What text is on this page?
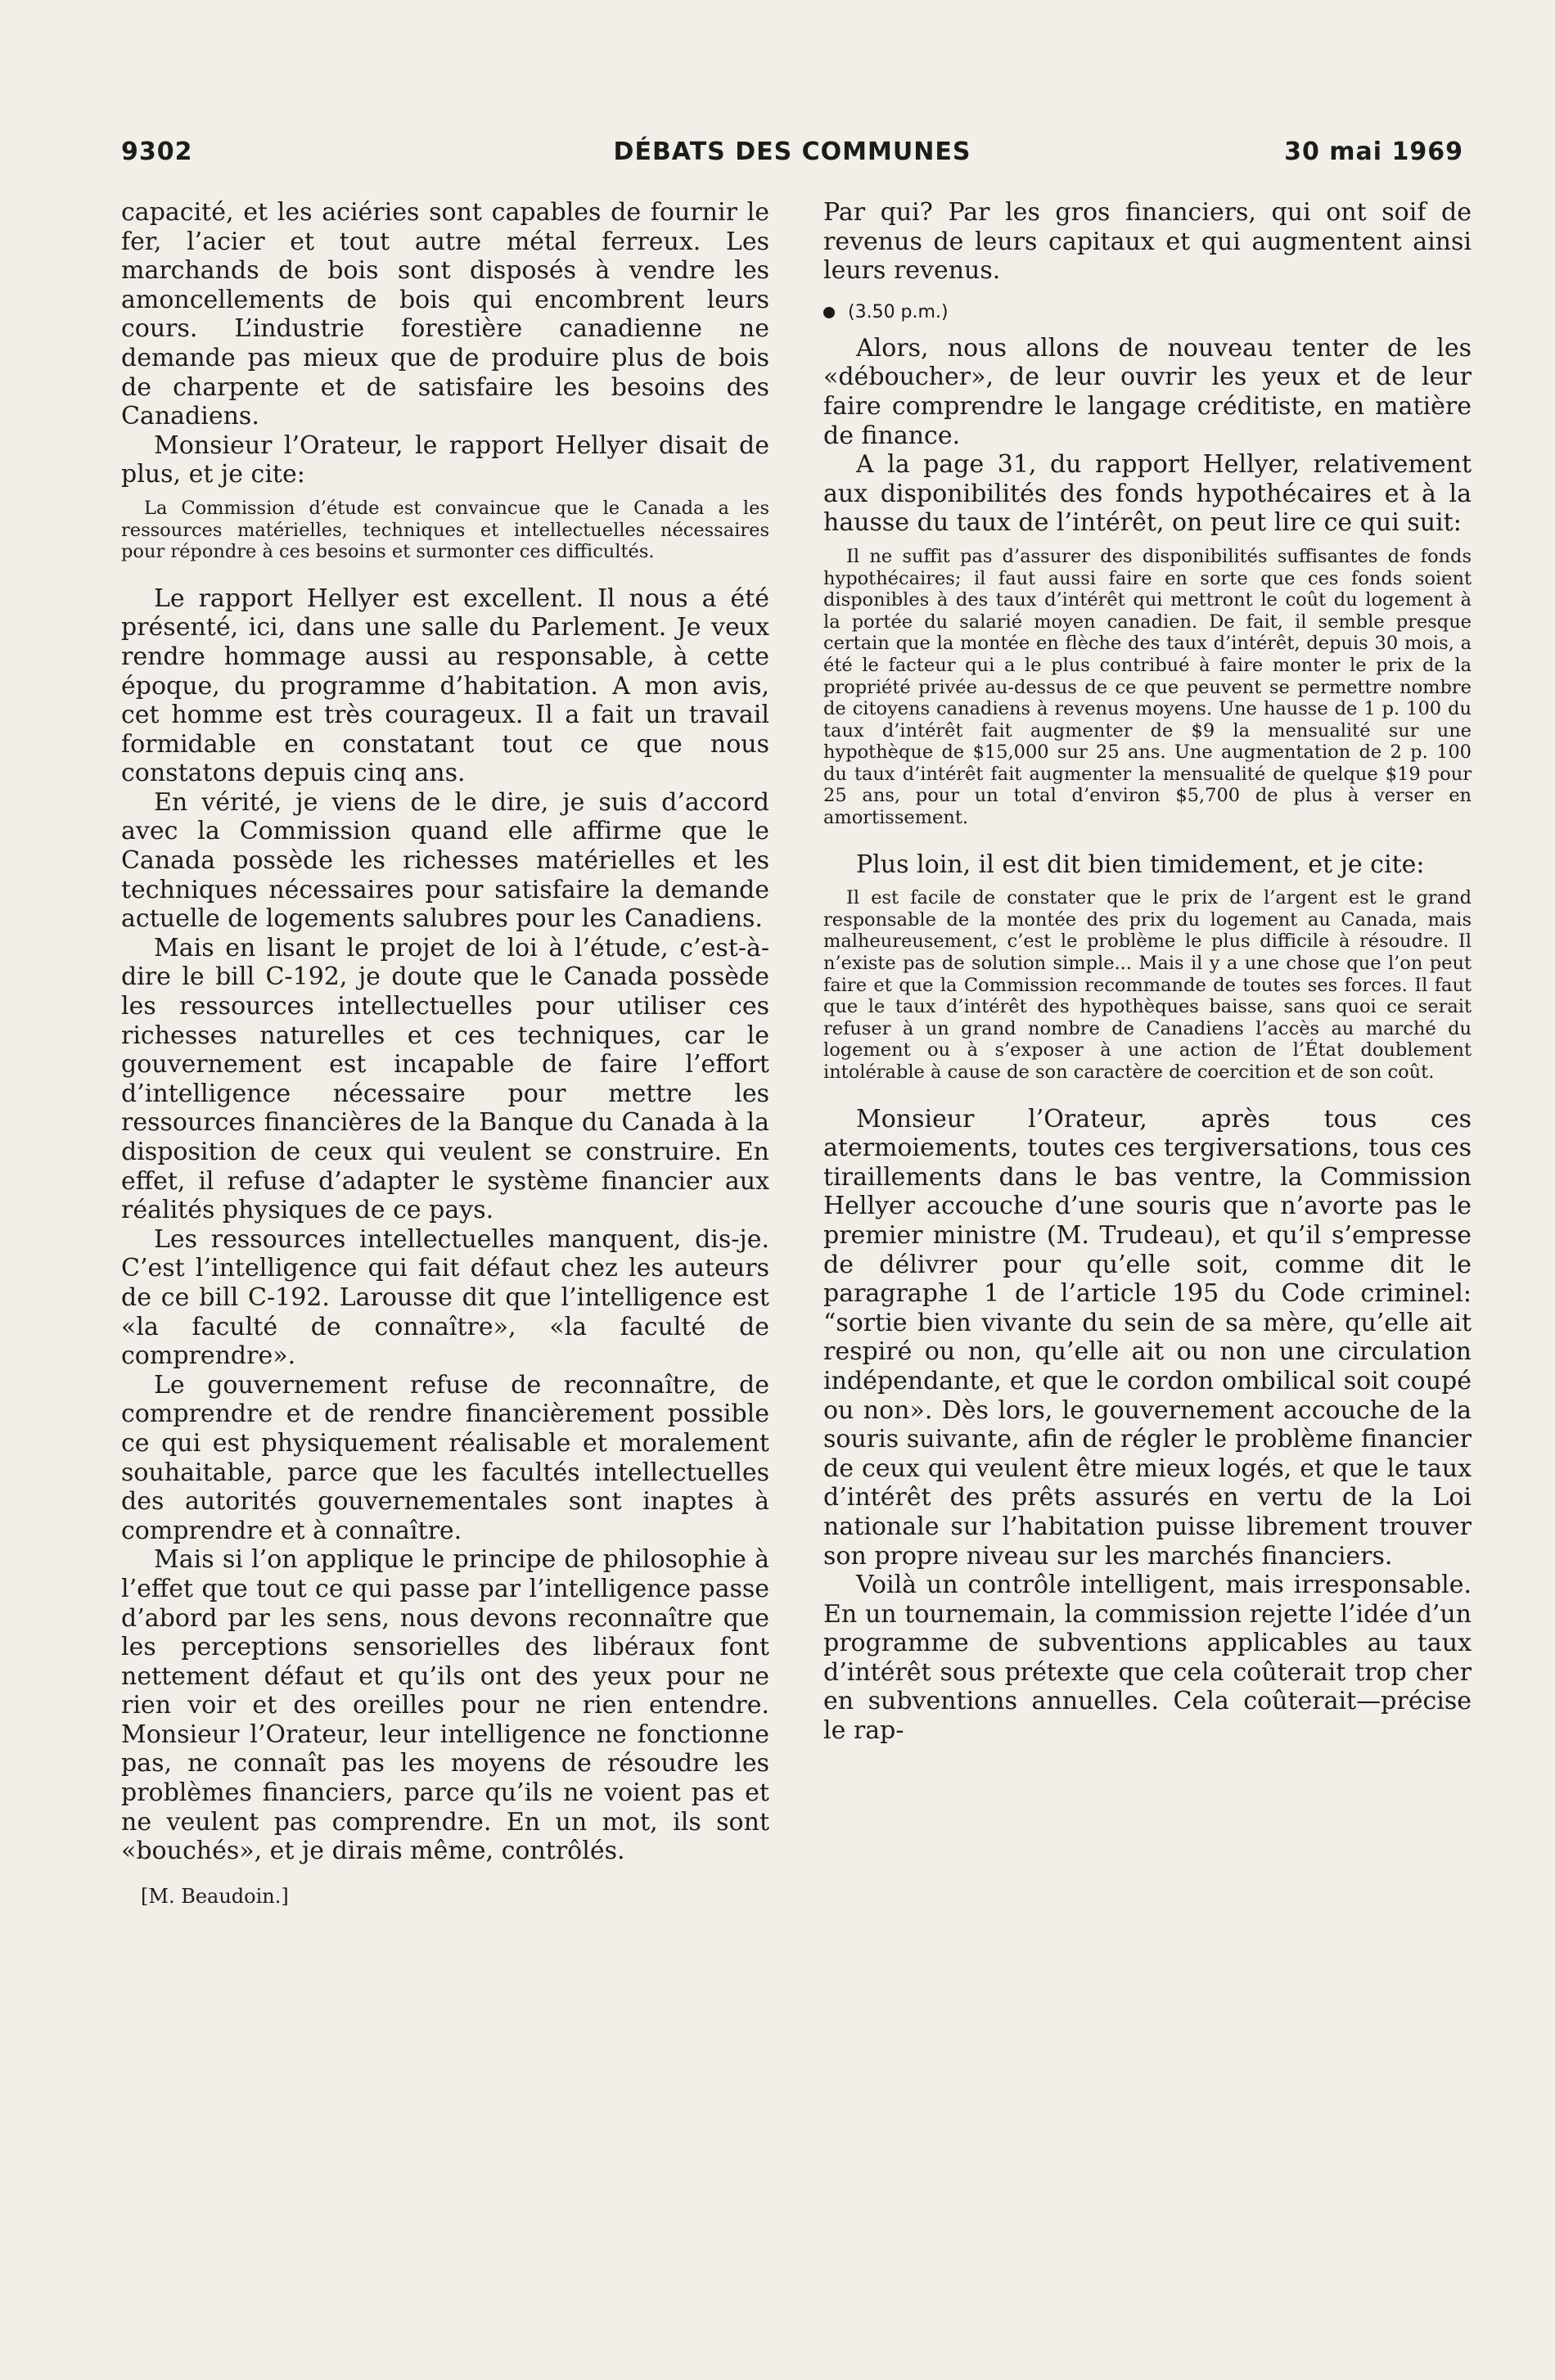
9302	DÉBATS DES COMMUNES	30 mai 1969

capacité, et les aciéries sont capables de fournir le fer, l’acier et tout autre métal ferreux. Les marchands de bois sont disposés à vendre les amoncellements de bois qui encombrent leurs cours. L’industrie forestière canadienne ne demande pas mieux que de produire plus de bois de charpente et de satisfaire les besoins des Canadiens.

Monsieur l’Orateur, le rapport Hellyer disait de plus, et je cite:

La Commission d’étude est convaincue que le Canada a les ressources matérielles, techniques et intellectuelles nécessaires pour répondre à ces besoins et surmonter ces difficultés.

Le rapport Hellyer est excellent. Il nous a été présenté, ici, dans une salle du Parlement. Je veux rendre hommage aussi au responsable, à cette époque, du programme d’habitation. A mon avis, cet homme est très courageux. Il a fait un travail formidable en constatant tout ce que nous constatons depuis cinq ans.

En vérité, je viens de le dire, je suis d’accord avec la Commission quand elle affirme que le Canada possède les richesses matérielles et les techniques nécessaires pour satisfaire la demande actuelle de logements salubres pour les Canadiens.

Mais en lisant le projet de loi à l’étude, c’est-à-dire le bill C-192, je doute que le Canada possède les ressources intellectuelles pour utiliser ces richesses naturelles et ces techniques, car le gouvernement est incapable de faire l’effort d’intelligence nécessaire pour mettre les ressources financières de la Banque du Canada à la disposition de ceux qui veulent se construire. En effet, il refuse d’adapter le système financier aux réalités physiques de ce pays.

Les ressources intellectuelles manquent, dis-je. C’est l’intelligence qui fait défaut chez les auteurs de ce bill C-192. Larousse dit que l’intelligence est «la faculté de connaître», «la faculté de comprendre».

Le gouvernement refuse de reconnaître, de comprendre et de rendre financièrement possible ce qui est physiquement réalisable et moralement souhaitable, parce que les facultés intellectuelles des autorités gouvernementales sont inaptes à comprendre et à connaître.

Mais si l’on applique le principe de philosophie à l’effet que tout ce qui passe par l’intelligence passe d’abord par les sens, nous devons reconnaître que les perceptions sensorielles des libéraux font nettement défaut et qu’ils ont des yeux pour ne rien voir et des oreilles pour ne rien entendre. Monsieur l’Orateur, leur intelligence ne fonctionne pas, ne connaît pas les moyens de résoudre les problèmes financiers, parce qu’ils ne voient pas et ne veulent pas comprendre. En un mot, ils sont «bouchés», et je dirais même, contrôlés.

[M. Beaudoin.]

Par qui? Par les gros financiers, qui ont soif de revenus de leurs capitaux et qui augmentent ainsi leurs revenus.

(3.50 p.m.)

Alors, nous allons de nouveau tenter de les «déboucher», de leur ouvrir les yeux et de leur faire comprendre le langage créditiste, en matière de finance.

A la page 31, du rapport Hellyer, relativement aux disponibilités des fonds hypothécaires et à la hausse du taux de l’intérêt, on peut lire ce qui suit:

Il ne suffit pas d’assurer des disponibilités suffisantes de fonds hypothécaires; il faut aussi faire en sorte que ces fonds soient disponibles à des taux d’intérêt qui mettront le coût du logement à la portée du salarié moyen canadien. De fait, il semble presque certain que la montée en flèche des taux d’intérêt, depuis 30 mois, a été le facteur qui a le plus contribué à faire monter le prix de la propriété privée au-dessus de ce que peuvent se permettre nombre de citoyens canadiens à revenus moyens. Une hausse de 1 p. 100 du taux d’intérêt fait augmenter de $9 la mensualité sur une hypothèque de $15,000 sur 25 ans. Une augmentation de 2 p. 100 du taux d’intérêt fait augmenter la mensualité de quelque $19 pour 25 ans, pour un total d’environ $5,700 de plus à verser en amortissement.

Plus loin, il est dit bien timidement, et je cite:

Il est facile de constater que le prix de l’argent est le grand responsable de la montée des prix du logement au Canada, mais malheureusement, c’est le problème le plus difficile à résoudre. Il n’existe pas de solution simple... Mais il y a une chose que l’on peut faire et que la Commission recommande de toutes ses forces. Il faut que le taux d’intérêt des hypothèques baisse, sans quoi ce serait refuser à un grand nombre de Canadiens l’accès au marché du logement ou à s’exposer à une action de l’État doublement intolérable à cause de son caractère de coercition et de son coût.

Monsieur l’Orateur, après tous ces atermoiements, toutes ces tergiversations, tous ces tiraillements dans le bas ventre, la Commission Hellyer accouche d’une souris que n’avorte pas le premier ministre (M. Trudeau), et qu’il s’empresse de délivrer pour qu’elle soit, comme dit le paragraphe 1 de l’article 195 du Code criminel: “sortie bien vivante du sein de sa mère, qu’elle ait respiré ou non, qu’elle ait ou non une circulation indépendante, et que le cordon ombilical soit coupé ou non». Dès lors, le gouvernement accouche de la souris suivante, afin de régler le problème financier de ceux qui veulent être mieux logés, et que le taux d’intérêt des prêts assurés en vertu de la Loi nationale sur l’habitation puisse librement trouver son propre niveau sur les marchés financiers.

Voilà un contrôle intelligent, mais irresponsable. En un tournemain, la commission rejette l’idée d’un programme de subventions applicables au taux d’intérêt sous prétexte que cela coûterait trop cher en subventions annuelles. Cela coûterait—précise le rap-
